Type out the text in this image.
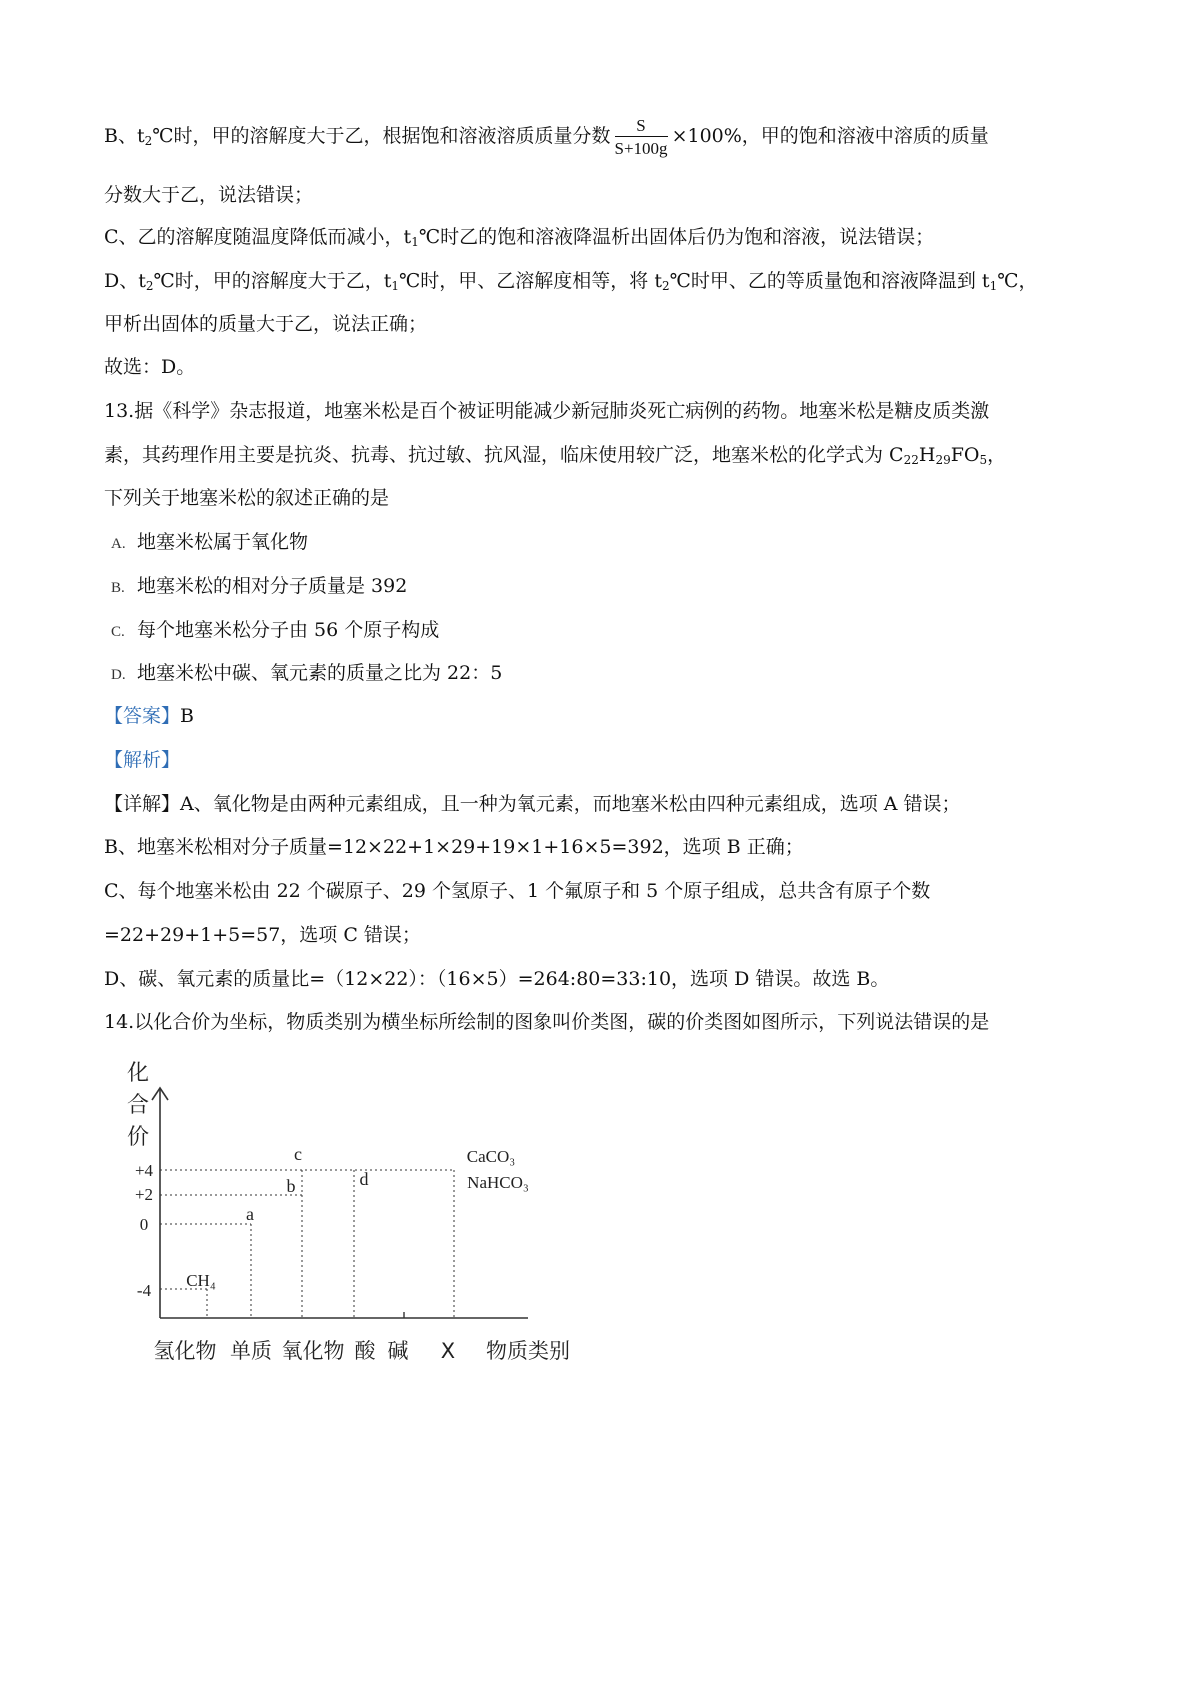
B、$t_2℃$时，甲的溶解度大于乙，根据饱和溶液溶质质量分数 $\frac{S}{S+100g} \times 100\%$，甲的饱和溶液中溶质的质量
分数大于乙，说法错误；
C、乙的溶解度随温度降低而减小，$t_1℃$时乙的饱和溶液降温析出固体后仍为饱和溶液，说法错误；
D、$t_2℃$时，甲的溶解度大于乙，$t_1℃$时，甲、乙溶解度相等，将 $t_2℃$时甲、乙的等质量饱和溶液降温到 $t_1℃$，
甲析出固体的质量大于乙，说法正确；
故选：D。
13.据《科学》杂志报道，地塞米松是百个被证明能减少新冠肺炎死亡病例的药物。地塞米松是糖皮质类激
素，其药理作用主要是抗炎、抗毒、抗过敏、抗风湿，临床使用较广泛，地塞米松的化学式为 $C_{22}H_{29}FO_5$，
下列关于地塞米松的叙述正确的是
A. 地塞米松属于氧化物
B. 地塞米松的相对分子质量是 392
C. 每个地塞米松分子由 56 个原子构成
D. 地塞米松中碳、氧元素的质量之比为 22：5
【答案】B
【解析】
【详解】A、氧化物是由两种元素组成，且一种为氧元素，而地塞米松由四种元素组成，选项 A 错误；
B、地塞米松相对分子质量=12×22+1×29+19×1+16×5=392，选项 B 正确；
C、每个地塞米松由 22 个碳原子、29 个氢原子、1 个氟原子和 5 个原子组成，总共含有原子个数
=22+29+1+5=57，选项 C 错误；
D、碳、氧元素的质量比=（12×22）：（16×5）=264:80=33:10，选项 D 错误。故选 B。
14.以化合价为坐标，物质类别为横坐标所绘制的图象叫价类图，碳的价类图如图所示，下列说法错误的是
化
合
价
+4
+2
0
-4
氢化物 单质 氧化物 酸 碱 X 物质类别
CH₄
a
b
c
d
CaCO₃
NaHCO₃
